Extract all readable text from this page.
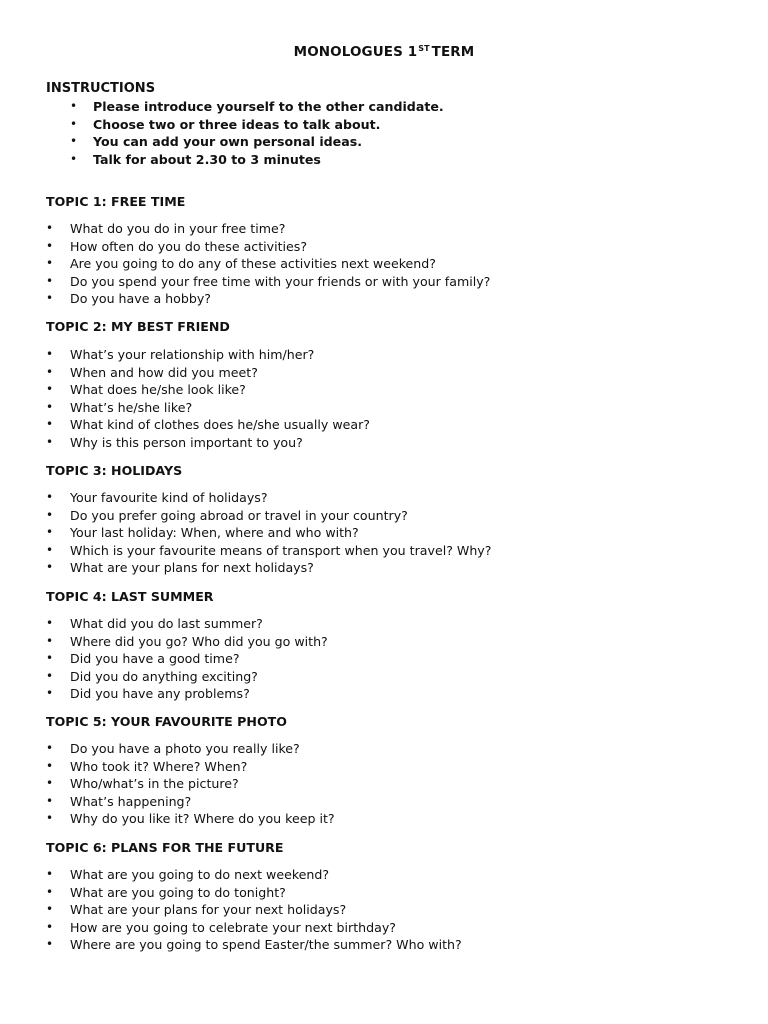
MONOLOGUES 1ST TERM
INSTRUCTIONS
• Please introduce yourself to the other candidate.
• Choose two or three ideas to talk about.
• You can add your own personal ideas.
• Talk for about 2.30 to 3 minutes
TOPIC 1: FREE TIME
• What do you do in your free time?
• How often do you do these activities?
• Are you going to do any of these activities next weekend?
• Do you spend your free time with your friends or with your family?
• Do you have a hobby?
TOPIC 2: MY BEST FRIEND
• What’s your relationship with him/her?
• When and how did you meet?
• What does he/she look like?
• What’s he/she like?
• What kind of clothes does he/she usually wear?
• Why is this person important to you?
TOPIC 3: HOLIDAYS
• Your favourite kind of holidays?
• Do you prefer going abroad or travel in your country?
• Your last holiday: When, where and who with?
• Which is your favourite means of transport when you travel? Why?
• What are your plans for next holidays?
TOPIC 4: LAST SUMMER
• What did you do last summer?
• Where did you go? Who did you go with?
• Did you have a good time?
• Did you do anything exciting?
• Did you have any problems?
TOPIC 5: YOUR FAVOURITE PHOTO
• Do you have a photo you really like?
• Who took it? Where? When?
• Who/what’s in the picture?
• What’s happening?
• Why do you like it? Where do you keep it?
TOPIC 6: PLANS FOR THE FUTURE
• What are you going to do next weekend?
• What are you going to do tonight?
• What are your plans for your next holidays?
• How are you going to celebrate your next birthday?
• Where are you going to spend Easter/the summer? Who with?
